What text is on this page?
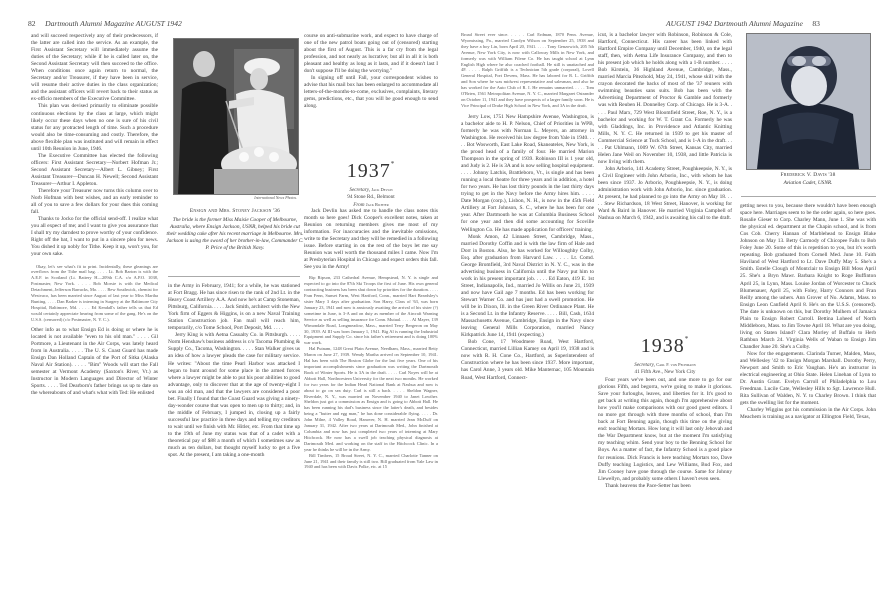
82 Dartmouth Alumni Magazine AUGUST 1942

and will succeed respectively any of their predecessors, if the latter are called into the service. As an example, the First Assistant Secretary will immediately assume the duties of the Secretary; while if he is called later on, the Second Assistant Secretary will then succeed to the office. When conditions once again return to normal, the Secretary and/or Treasurer, if they have been in service, will resume their active duties in the class organization; and the assistant officers will revert back to their status as ex-officio members of the Executive Committee.

This plan was devised primarily to eliminate possible continuous elections by the class at large, which might likely occur these days when no one is sure of his civil status for any protracted length of time. Such a procedure would also be time-consuming and costly. Therefore, the above flexible plan was instituted and will remain in effect until 10th Reunion in June, 1946.

The Executive Committee has elected the following officers: First Assistant Secretary—Norbert Hofman Jr.; Second Assistant Secretary—Albert L. Gibney; First Assistant Treasurer—Duncan H. Newell; Second Assistant Treasurer—Arthur I. Appleton.

Therefore your Treasurer now turns this column over to Norb Hofman with best wishes, and an early reminder to all of you to save a few dollars for your dues this coming fall.

Thanks to Jocko for the official send-off. I realize what you all expect of me; and I want to give you assurance that I shall try my darndest to prove worthy of your confidence. Right off the bat, I want to put in a sincere plea for news. You dished it up nobly for Tithe. Keep it up, won't you, for your own sake.

Okay, let's see what's fit to print. Incidentally, these gleanings are overflows from the Tithe mail bag. . . . . Lt. Bob Barton is with the A.E.F. in Scotland (Lt. Battery H—209th C.A. c/o A.P.O. 1038, Postmaster, New York. . . . . Bob Morsie is with the Medical Detachment, Jefferson Barracks, Mo. . . . . Bew Southwick, chemist for Westvaco, has been married since August of last year to Miss Martha Bunting. . . . . Dan Barker is interning in Surgery at the Baltimore City Hospital, Baltimore, Md. . . . . Ed Kendall's father tells us that Ed would certainly appreciate hearing from some of the gang. He's on the U.S.S. (censored) (c/o Postmaster, N. Y. C.).

Other info as to what Ensign Ed is doing or where he is located is not available "even to his old man." . . . . Gil Portmore, a Lieutenant in the Air Corps, was lately heard from in Australia. . . . . The U. S. Coast Guard has made Ensign Dan Holland Captain of the Port of Sitka (Alaska Naval Air Station). . . . . "Bim" Woods will start the Fall semester at Vermont Academy (Saxton's River, Vt.) as Instructor in Modern Languages and Director of Winter Sports. . . . . Ted Dearborn's father brings us up to date on the whereabouts of and what's what with Ted: He enlisted

International News Photos.
Ensign and Mrs. Stoney Jackson '36
The bride is the former Miss Maisie Cooper of Melbourne, Australia, where Ensign Jackson, USNR, helped his bride cut their wedding cake after his recent marriage in Melbourne. Mrs. Jackson is using the sword of her brother-in-law, Commander C. P. Price of the British Navy.

in the Army in February, 1941; for a while, he was stationed at Fort Bragg. He has since risen to the rank of 2nd Lt. in the Heavy Coast Artillery A.A. And now he's at Camp Stoneman, Pittsburg, California. . . . . Jack Smith, architect with the New York firm of Eggers & Higgins, is on a new Naval Training Station Construction job. Fan mail will reach him, temporarily, c/o Tome School, Port Deposit, Md. . . . .

Jerry King is with Aetna Casualty Co. in Pittsburgh. . . . . Norm Henshaw's business address is c/o Tacoma Plumbing & Supply Co., Tacoma, Washington. . . . . Stan Walker gives us an idea of how a lawyer pleads the case for military service. He writes: "About the time Pearl Harbor was attacked I began to hunt around for some place in the armed forces where a lawyer might be able to put his poor abilities to good advantage, only to discover that at the age of twenty-eight I was an old man, and that the lawyers are considered a poor bet. Finally I found that the Coast Guard was giving a ninety-day-wonder course that was open to men up to thirty; and, in the middle of February, I jumped in, closing up a fairly successful law practice in three days and telling my creditors to wait until we finish with Mr. Hitler, etc. From that time up to the 19th of June my status was that of a cadet with a theoretical pay of $88 a month of which I sometimes saw as much as ten dollars, but thought myself lucky to get a five spot. At the present, I am taking a one-month

course on anti-submarine work, and expect to have charge of one of the new patrol boats going out of (censored) starting about the first of August. This is a far cry from the legal profession, and not nearly as lucrative; but all in all it is both pleasant and healthy as long as it lasts, and if it doesn't last I don't suppose I'll be doing the worrying."

In signing off until Fall, your correspondent wishes to advise that his mail box has been enlarged to accommodate all letters-of-the-months-to-come, exclusives, complaints, literary gems, predictions, etc., that you will be good enough to send along.

1937*
Secretary, Jack Devlin
94 Stone Rd., Belmont
From Jack Richter

Jack Devlin has asked me to handle the class notes this month so here goes! Dick Cooper's excellent notes, taken at Reunion on returning members gives me most of my information. For inaccuracies and the inevitable omissions, write to the Secretary and they will be remedied in a following issue. Before starting in on the rest of the boys let me say Reunion was well worth the thousand miles I came. Now I'm at Presbyterian Hospital in Chicago and expect orders this fall. See you in the Army!

Rip Ripson, 233 Cathedral Avenue, Hempstead, N. Y. is single and expected to go into the 87th Ski Troops the first of June. His own general contracting business has been shut down by priorities for the duration. . . . . Fran Fenn, Sunset Farm, West Hartford, Conn., married Hart Beardsley's sister Mary 3 days after graduation. Son Harry, Class of '63, was born January 23, 1941 and now is anxiously awaiting the arrival of his sister (?) sometime in June, is 3-A and on duty as member of the Aircraft Warning Service as well as selling insurance for Conn. Mutual. . . . . Al Mayer, 139 Wimondale Road, Longmeadow, Mass., married Terry Bergeron on May 30, 1939. Al III was born January 1, 1941. Big Al is running the Industrial Equipment and Supply Co. since his father's retirement and is doing 100% war work.

Hal Putnam, 1248 Great Plain Avenue, Needham, Mass., married Betty Maron on June 27, 1939. Wendy Martha arrived on September 10, 1941. Hal has been with The Boston Globe for the last five years. One of his important accomplishments since graduation was writing the Dartmouth Book of Winter Sports. He is 3A in the draft. . . . . Carl Noyes will be at Abbott Hall, Northwestern University for the next two months. He worked for two years for the Indian Head National Bank at Nashua and now is about to go on sea duty. Carl is still a bach. . . . . Sheldon Wagner, Riverdale, N. Y., was married on November 1940 to Janet Lowther. Sheldon just got a commission as Ensign and is going to Abbott Hall. He has been running his dad's business since the latter's death, and besides being a "butter and egg man," he has done considerable flying. . . . . Dr. John Milne, 4 Valley Road, Hanover, N. H. married Jean McDuff on January 31, 1942. After two years at Dartmouth Med., John finished at Columbia and now has just completed two years of interning at Mary Hitchcock. He now has a swell job teaching physical diagnosis at Dartmouth Med. and working on the staff in the Hitchcock Clinic. In a year he thinks he will be in the Army.

Bill Timbers, 15 Broad Street, N. Y. C., married Charlotte Tanner on June 21, 1941 and their family is still two. Bill graduated from Yale Law in 1940 and has been with Davis Polke, etc. at 15

AUGUST 1942 Dartmouth Alumni Magazine 83

Broad Street ever since. . . . . Carl Erdman, 1870 Penn. Avenue, Wyomissing, Pa., married Carolyn Wilson on September 25, 1938 and they have a boy Lin, born April 20, 1941. . . . . Tony Genzowich, 205 5th Avenue, New York City, is now with Calloway Mills in New York, and formerly was with William Filene Co. He has taught school at Lynn English High where he also coached football. He still is unattached and 4F. . . . . Ralph Griffith is a Technician 5th grade (corporal), Lovell General Hospital, Fort Devens, Mass. He has labored for R. L. Griffith and Son where he was midwest representative and salesman, and also he has worked for the Auto Club of R. I. He remains unmarried. . . . . Tom O'Brien, 1561 Metropolitan Avenue, N. Y. C., married Margaret Ostrander on October 11, 1941 and they have prospects of a larger family soon. He is Vice Principal of Drake High School in New York, and 3A in the draft.

Jerry Low, 1751 New Hampshire Avenue, Washington, is a bachelor aide to H. P. Nelson, Chief of Priorities in WPB, formerly he was with Norman L. Meyers, an attorney in Washington. He received his law degree from Yale in 1940. . . . . Bot Wosworth, East Lake Road, Skaneateles, New York, is the proud head of a family of four. He married Marion Thompson in the spring of 1939. Robinson III is 1 year old, and Judy is 2. He is 3A and is now selling hospital equipment. . . . . Johnny Latchis, Brattleboro, Vt., is single and has been running a local theatre for three years and in addition, a hotel for two years. He has lost thirty pounds in the last thirty days trying to get in the Navy before the Army hires him. . . . . Date Morgan (corp.), Lisbon, N. H., is now in the 45th Field Artillery at Fort Johnson, S. C., where he has been for one year. After Dartmouth he was at Columbia Business School for one year and then did some accounting for Scoville Wellington Co. He has made application for officers' training.

Monk Amon, 42 Linnaen Street, Cambridge, Mass., married Dorothy Coffin and is with the law firm of Hale and Dorr in Boston. Also, he has worked for Willoughby Colby, Esq. after graduation from Harvard Law. . . . . Lt. Comd. George Bromfield, 3rd Naval District in N. Y. C., was in the advertising business in California until the Navy put him to work in his present important job. . . . . Ed Eaton, 419 E. 1st Street, Indianapolis, Ind., married Jo Willis on June 21, 1939 and now have Gail age 7 months. Ed has been working for Stewart Warner Co. and has just had a swell promotion. He will be in Dixon, Ill. in the Green River Ordinance Plant. He is a Second Lt. in the Infantry Reserve. . . . . Bill, Cash, 1634 Massachusetts Avenue, Cambridge, Ensign in the Navy since leaving General Mills Corporation, married Nancy Kirkpatrick June 14, 1941 (expecting.)

Bob Cone, 17 Woodmere Road, West Hartford, Connecticut, married Lillian Kamey on April 19, 1938 and is now with R. H. Cone Co., Hartford, as Superintendent of Construction where he has been since 1937. More important, has Carol Anne, 3 years old. Mike Manternac, 105 Mountain Road, West Hartford, Connect-

icut, is a bachelor lawyer with Robinson, Robinson & Cole, Hartford, Connecticut. His career has been linked with Hartford Empire Company until December, 1940, on the legal staff, then, with Aetna Life Insurance Company, and then to his present job which he holds along with a 1-B number. . . . . Bob Kirstein, 36 Highland Avenue, Cambridge, Mass., married Marcia Pitezhold, May 24, 1941, whose skill with the crayon decorated the backs of most of the '37 reuners with swimming beauties sans suits. Bob has been with the Advertising Department of Proctor & Gamble and formerly was with Reuben H. Donnelley Corp. of Chicago. He is 3-A. . . . . Paul Marx, 729 West Bloomfield Street, Roe, N. Y., is a bachelor and working for W. T. Grant Co. Formerly he was with Gladdings, Inc. in Providence and Atlantic Knitting Mills, N. Y. C. He returned in 1939 to get his master of Commercial Science at Tuck School, and is 1-A in the draft. . . . . Pat Uhlmann, 1009 W. 67th Street, Kansas City, married Helen Jane Weil on November 10, 1938, and little Patricia is now living with them.

John Arborio, 141 Academy Street, Poughkeepsie, N. Y., is a Civil Engineer with John Arborio, Inc., with whom he has been since 1937. Jo Arborio, Poughkeepsie, N. Y., is doing administration work with John Arborio, Inc. since graduation. At present, he had planned to go into the Army on May 18. . . . . Stew Richardson, 18 West Street, Hanover, is working for Ward & Baird in Hanover. He married Virginia Campbell of Nashua on March 6, 1942, and is awaiting his call to the draft.

1938*
Secretary, Carl F. von Pechmann
41 Fifth Ave., New York City

Four years we've been out, and one more to go for our glorious Fifth, and begorra, we're going to make it glorious. Save your furloughs, leaves, and liberties for it. It's good to get back at writing this again, though I'm apprehensive about how you'll make comparisons with our good guest editors. I no more got through with three months of school, than I'm back at Fort Benning again, though this time on the giving end: teaching Mortars. How long it will last only Jehovah and the War Department know, but at the moment I'm satisfying my teaching whim. Send your boy to the Benning School for Boys. As a matter of fact, the Infantry School is a good place for reunions. Dick Francis is here teaching Mortars too, Dave Duffy teaching Logistics, and Lew Williams, Bud Fox, and Jim Cooney have gone through the course. Same for Johnny Llewellyn, and probably some others I haven't even seen.

Thank heavens the Pace-Setter has been

Frederick V. Davis '38
Aviation Cadet, USNR.

getting news to you, because there wouldn't have been enough space here. Marriages seem to be the order again, so here goes. Rosalie Gieser to Corp. Charley Mann, June 1. She was with the physical ed. department at the Chapin school, and is from Cos Cob. Cherry Hannan of Marblehead to Ensign Blake Johnson on May 13. Betty Carmody of Chicopee Falls to Bob Foley June 20. Some of this is repetition to you, but it's worth repeating. Bob graduated from Cornell Med. June 10. Faith Haviland of West Hartford to Lt. Dave Duffy May 5. She's a Smith. Estelle Clough of Montclair to Ensign Bill Moss April 25. She's a Bryn Mawr. Barbara Knight to Roge Buffinton April 25, in Lynn, Mass. Louise Jordan of Worcester to Chuck Blumenauer, April 25, with Foley, Harry Connors and Fran Reilly among the ushers. Ann Grover of No. Adams, Mass. to Ensign Leon Canfield April 8. He's on the U.S.S. (censored). The date is unknown on this, but Dorothy Mulhern of Jamaica Plain to Ensign Robert Carroll. Bettina Loheed of North Middleboro, Mass. to Jim Towne April 18. What are you doing, living on Staten Island? Clara Morley of Buffalo to Herb Rathbun March 24. Virginia Wells of Waban to Ensign Jim Chandler June 20. She's a Colby.

Now for the engagements. Clarinda Turner, Malden, Mass, and Wellesley '42 to Ensign Morgan Marshall. Dorothy Perry, Newport and Smith to Eric Vaughan. He's an instructor in electrical engineering at Ohio State. Helen Linehan of Lynn to Dr. Austin Grant. Evelyn Carroll of Philadelphia to Lou Freedman. Lucile Cate, Wellesley Hills to Sgt. Lawrence Hull. Rita Sullivan of Walden, N. Y. to Charley Brown. I think that gets the swelling list for the moment.

Charley Wiggins got his commission in the Air Corps. John Meachem is training as a navigator at Ellington Field, Texas,
